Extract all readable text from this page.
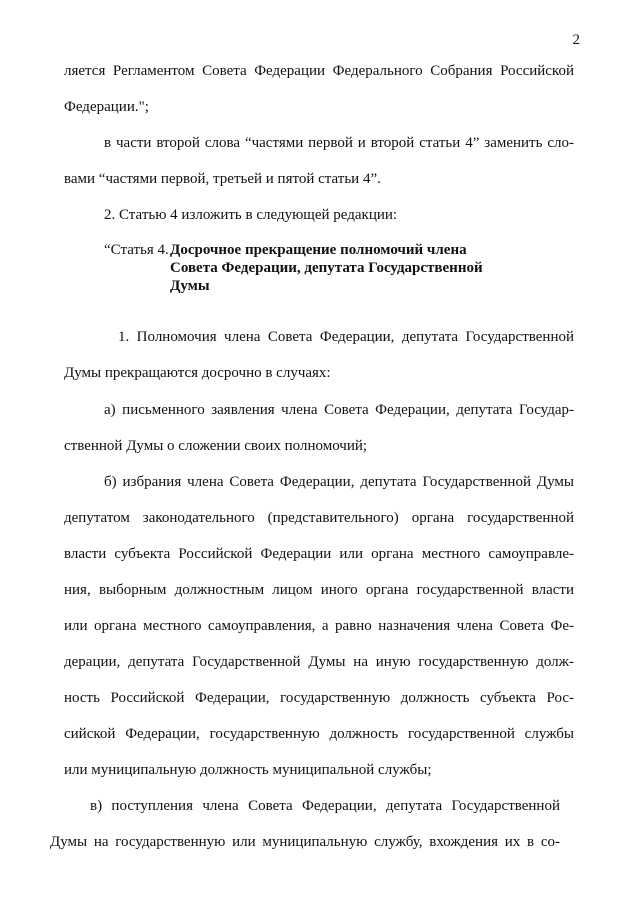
2
ляется Регламентом Совета Федерации Федерального Собрания Российской
Федерации.";
в части второй слова “частями первой и второй статьи 4” заменить сло-
вами “частями первой, третьей и пятой статьи 4”.
2. Статью 4 изложить в следующей редакции:
“Статья 4. Досрочное прекращение полномочий члена
Совета Федерации, депутата Государственной
Думы
1. Полномочия члена Совета Федерации, депутата Государственной
Думы прекращаются досрочно в случаях:
а) письменного заявления члена Совета Федерации, депутата Государ-
ственной Думы о сложении своих полномочий;
б) избрания члена Совета Федерации, депутата Государственной Думы
депутатом законодательного (представительного) органа государственной
власти субъекта Российской Федерации или органа местного самоуправле-
ния, выборным должностным лицом иного органа государственной власти
или органа местного самоуправления, а равно назначения члена Совета Фе-
дерации, депутата Государственной Думы на иную государственную долж-
ность Российской Федерации, государственную должность субъекта Рос-
сийской Федерации, государственную должность государственной службы
или муниципальную должность муниципальной службы;
в) поступления члена Совета Федерации, депутата Государственной
Думы на государственную или муниципальную службу, вхождения их в со-
